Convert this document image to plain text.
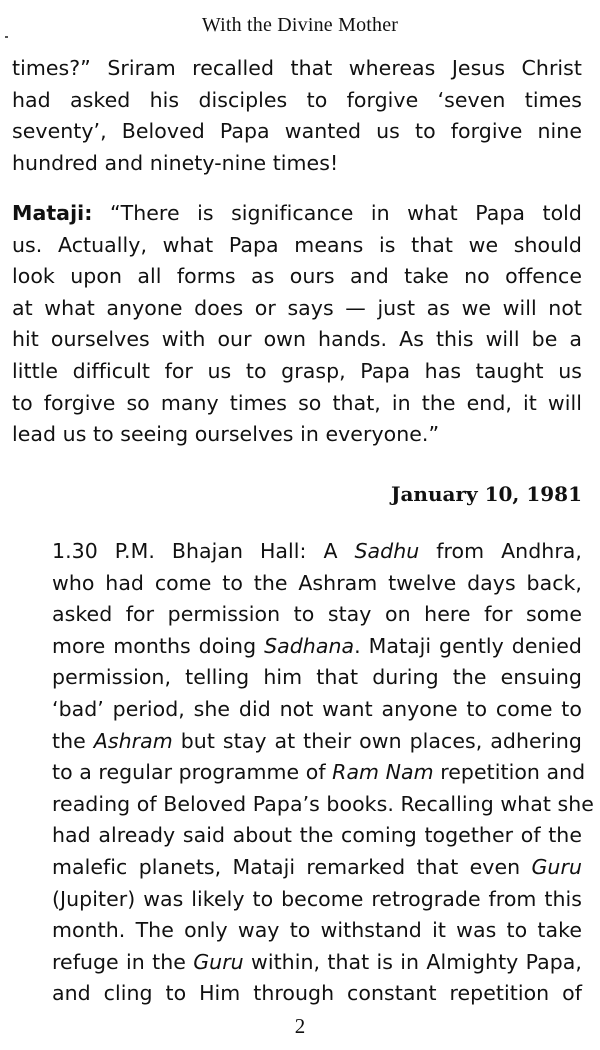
With the Divine Mother
times?” Sriram recalled that whereas Jesus Christ
had asked his disciples to forgive ‘seven times
seventy’, Beloved Papa wanted us to forgive nine
hundred and ninety-nine times!
Mataji: “There is significance in what Papa told
us. Actually, what Papa means is that we should
look upon all forms as ours and take no offence
at what anyone does or says — just as we will not
hit ourselves with our own hands. As this will be a
little difficult for us to grasp, Papa has taught us
to forgive so many times so that, in the end, it will
lead us to seeing ourselves in everyone.”
January 10, 1981
1.30 P.M. Bhajan Hall: A Sadhu from Andhra,
who had come to the Ashram twelve days back,
asked for permission to stay on here for some
more months doing Sadhana. Mataji gently denied
permission, telling him that during the ensuing
‘bad’ period, she did not want anyone to come to
the Ashram but stay at their own places, adhering
to a regular programme of Ram Nam repetition and
reading of Beloved Papa’s books. Recalling what she
had already said about the coming together of the
malefic planets, Mataji remarked that even Guru
(Jupiter) was likely to become retrograde from this
month. The only way to withstand it was to take
refuge in the Guru within, that is in Almighty Papa,
and cling to Him through constant repetition of
2
